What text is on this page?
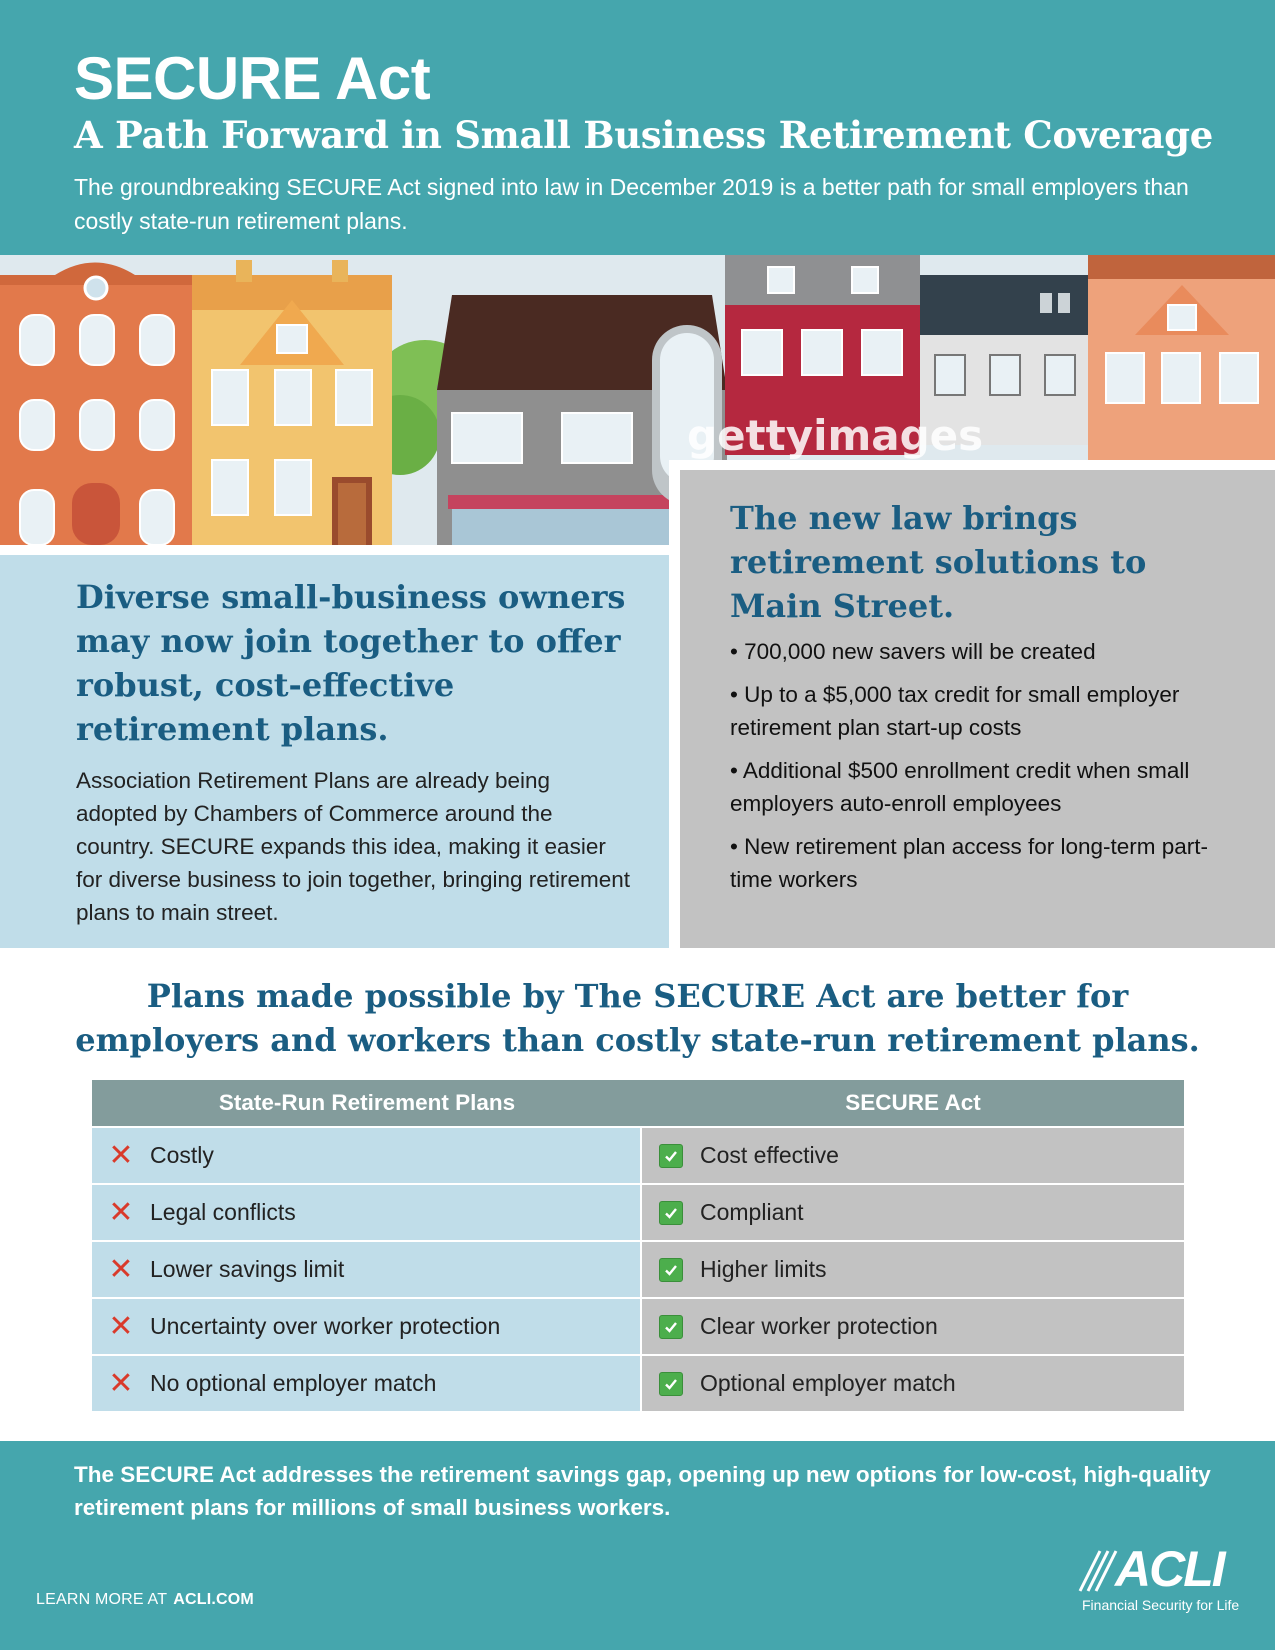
SECURE Act
A Path Forward in Small Business Retirement Coverage

The groundbreaking SECURE Act signed into law in December 2019 is a better path for small employers than costly state-run retirement plans.

gettyimages
Diverse small-business owners may now join together to offer robust, cost-effective retirement plans.

Association Retirement Plans are already being adopted by Chambers of Commerce around the country. SECURE expands this idea, making it easier for diverse business to join together, bringing retirement plans to main street.

The new law brings retirement solutions to Main Street.
• 700,000 new savers will be created
• Up to a $5,000 tax credit for small employer retirement plan start-up costs
• Additional $500 enrollment credit when small employers auto-enroll employees
• New retirement plan access for long-term part-time workers
Plans made possible by The SECURE Act are better for employers and workers than costly state-run retirement plans.
State-Run Retirement Plans	SECURE Act
✕ Costly	Cost effective
✕ Legal conflicts	Compliant
✕ Lower savings limit	Higher limits
✕ Uncertainty over worker protection	Clear worker protection
✕ No optional employer match	Optional employer match

The SECURE Act addresses the retirement savings gap, opening up new options for low-cost, high-quality retirement plans for millions of small business workers.

LEARN MORE AT ACLI.COM
ACLI
Financial Security for Life
